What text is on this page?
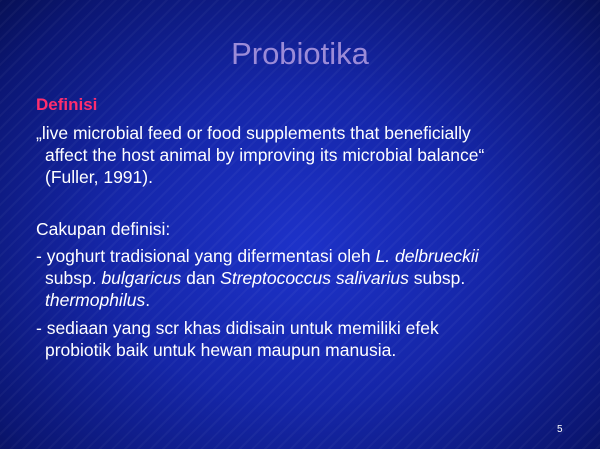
Probiotika
Definisi
„live microbial feed or food supplements that beneficially
affect the host animal by improving its microbial balance“
(Fuller, 1991).
Cakupan definisi:
- yoghurt tradisional yang difermentasi oleh L. delbrueckii
subsp. bulgaricus dan Streptococcus salivarius subsp.
thermophilus.
- sediaan yang scr khas didisain untuk memiliki efek
probiotik baik untuk hewan maupun manusia.
5
